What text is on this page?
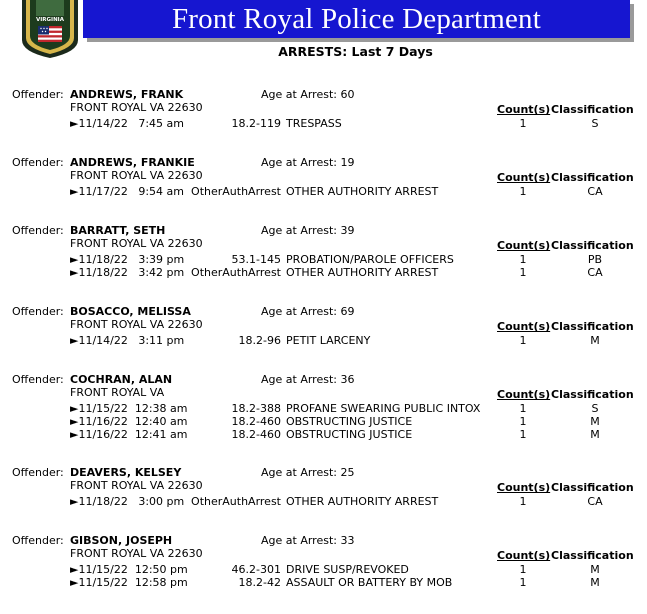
Front Royal Police Department
VIRGINIA
ARRESTS: Last 7 Days
Offender: ANDREWS, FRANK	Age at Arrest: 60
FRONT ROYAL VA 22630	Count(s) Classification
►11/14/22   7:45 am	18.2-119 TRESPASS	1	S
Offender: ANDREWS, FRANKIE	Age at Arrest: 19
FRONT ROYAL VA 22630	Count(s) Classification
►11/17/22   9:54 am OtherAuthArrest OTHER AUTHORITY ARREST	1	CA
Offender: BARRATT, SETH	Age at Arrest: 39
FRONT ROYAL VA 22630	Count(s) Classification
►11/18/22   3:39 pm	53.1-145 PROBATION/PAROLE OFFICERS	1	PB
►11/18/22   3:42 pm OtherAuthArrest OTHER AUTHORITY ARREST	1	CA
Offender: BOSACCO, MELISSA	Age at Arrest: 69
FRONT ROYAL VA 22630	Count(s) Classification
►11/14/22   3:11 pm	18.2-96 PETIT LARCENY	1	M
Offender: COCHRAN, ALAN	Age at Arrest: 36
FRONT ROYAL VA	Count(s) Classification
►11/15/22  12:38 am	18.2-388 PROFANE SWEARING PUBLIC INTOX	1	S
►11/16/22  12:40 am	18.2-460 OBSTRUCTING JUSTICE	1	M
►11/16/22  12:41 am	18.2-460 OBSTRUCTING JUSTICE	1	M
Offender: DEAVERS, KELSEY	Age at Arrest: 25
FRONT ROYAL VA 22630	Count(s) Classification
►11/18/22   3:00 pm OtherAuthArrest OTHER AUTHORITY ARREST	1	CA
Offender: GIBSON, JOSEPH	Age at Arrest: 33
FRONT ROYAL VA 22630	Count(s) Classification
►11/15/22  12:50 pm	46.2-301 DRIVE SUSP/REVOKED	1	M
►11/15/22  12:58 pm	18.2-42 ASSAULT OR BATTERY BY MOB	1	M
